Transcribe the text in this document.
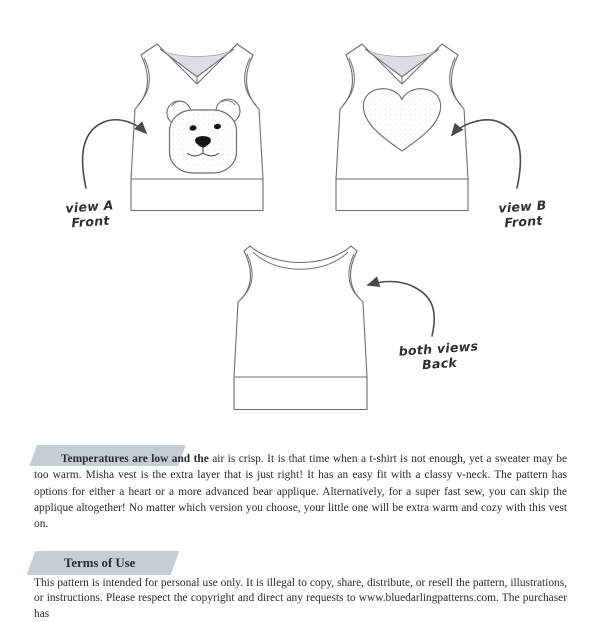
view A
Front
view B
Front
both views
Back

Temperatures are low and the air is crisp. It is that time when a t-shirt is not enough, yet a sweater may be too warm. Misha vest is the extra layer that is just right! It has an easy fit with a classy v-neck. The pattern has options for either a heart or a more advanced bear applique. Alternatively, for a super fast sew, you can skip the applique altogether! No matter which version you choose, your little one will be extra warm and cozy with this vest on.

Terms of Use

This pattern is intended for personal use only. It is illegal to copy, share, distribute, or resell the pattern, illustrations, or instructions. Please respect the copyright and direct any requests to www.bluedarlingpatterns.com. The purchaser has
